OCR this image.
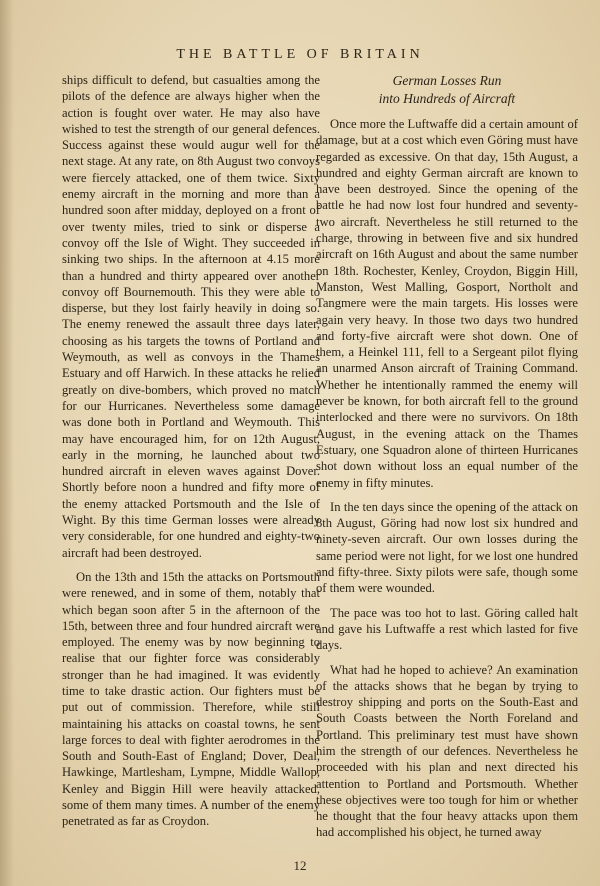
THE BATTLE OF BRITAIN

ships difficult to defend, but casualties among the pilots of the defence are always higher when the action is fought over water. He may also have wished to test the strength of our general defences. Success against these would augur well for the next stage. At any rate, on 8th August two convoys were fiercely attacked, one of them twice. Sixty enemy aircraft in the morning and more than a hundred soon after midday, deployed on a front of over twenty miles, tried to sink or disperse a convoy off the Isle of Wight. They succeeded in sinking two ships. In the afternoon at 4.15 more than a hundred and thirty appeared over another convoy off Bournemouth. This they were able to disperse, but they lost fairly heavily in doing so. The enemy renewed the assault three days later, choosing as his targets the towns of Portland and Weymouth, as well as convoys in the Thames Estuary and off Harwich. In these attacks he relied greatly on dive-bombers, which proved no match for our Hurricanes. Nevertheless some damage was done both in Portland and Weymouth. This may have encouraged him, for on 12th August, early in the morning, he launched about two hundred aircraft in eleven waves against Dover. Shortly before noon a hundred and fifty more of the enemy attacked Portsmouth and the Isle of Wight. By this time German losses were already very considerable, for one hundred and eighty-two aircraft had been destroyed.

On the 13th and 15th the attacks on Portsmouth were renewed, and in some of them, notably that which began soon after 5 in the afternoon of the 15th, between three and four hundred aircraft were employed. The enemy was by now beginning to realise that our fighter force was considerably stronger than he had imagined. It was evidently time to take drastic action. Our fighters must be put out of commission. Therefore, while still maintaining his attacks on coastal towns, he sent large forces to deal with fighter aerodromes in the South and South-East of England; Dover, Deal, Hawkinge, Martlesham, Lympne, Middle Wallop, Kenley and Biggin Hill were heavily attacked, some of them many times. A number of the enemy penetrated as far as Croydon.

German Losses Run
into Hundreds of Aircraft

Once more the Luftwaffe did a certain amount of damage, but at a cost which even Göring must have regarded as excessive. On that day, 15th August, a hundred and eighty German aircraft are known to have been destroyed. Since the opening of the battle he had now lost four hundred and seventy-two aircraft. Nevertheless he still returned to the charge, throwing in between five and six hundred aircraft on 16th August and about the same number on 18th. Rochester, Kenley, Croydon, Biggin Hill, Manston, West Malling, Gosport, Northolt and Tangmere were the main targets. His losses were again very heavy. In those two days two hundred and forty-five aircraft were shot down. One of them, a Heinkel 111, fell to a Sergeant pilot flying an unarmed Anson aircraft of Training Command. Whether he intentionally rammed the enemy will never be known, for both aircraft fell to the ground interlocked and there were no survivors. On 18th August, in the evening attack on the Thames Estuary, one Squadron alone of thirteen Hurricanes shot down without loss an equal number of the enemy in fifty minutes.

In the ten days since the opening of the attack on 8th August, Göring had now lost six hundred and ninety-seven aircraft. Our own losses during the same period were not light, for we lost one hundred and fifty-three. Sixty pilots were safe, though some of them were wounded.

The pace was too hot to last. Göring called halt and gave his Luftwaffe a rest which lasted for five days.

What had he hoped to achieve? An examination of the attacks shows that he began by trying to destroy shipping and ports on the South-East and South Coasts between the North Foreland and Portland. This preliminary test must have shown him the strength of our defences. Nevertheless he proceeded with his plan and next directed his attention to Portland and Portsmouth. Whether these objectives were too tough for him or whether he thought that the four heavy attacks upon them had accomplished his object, he turned away

12
